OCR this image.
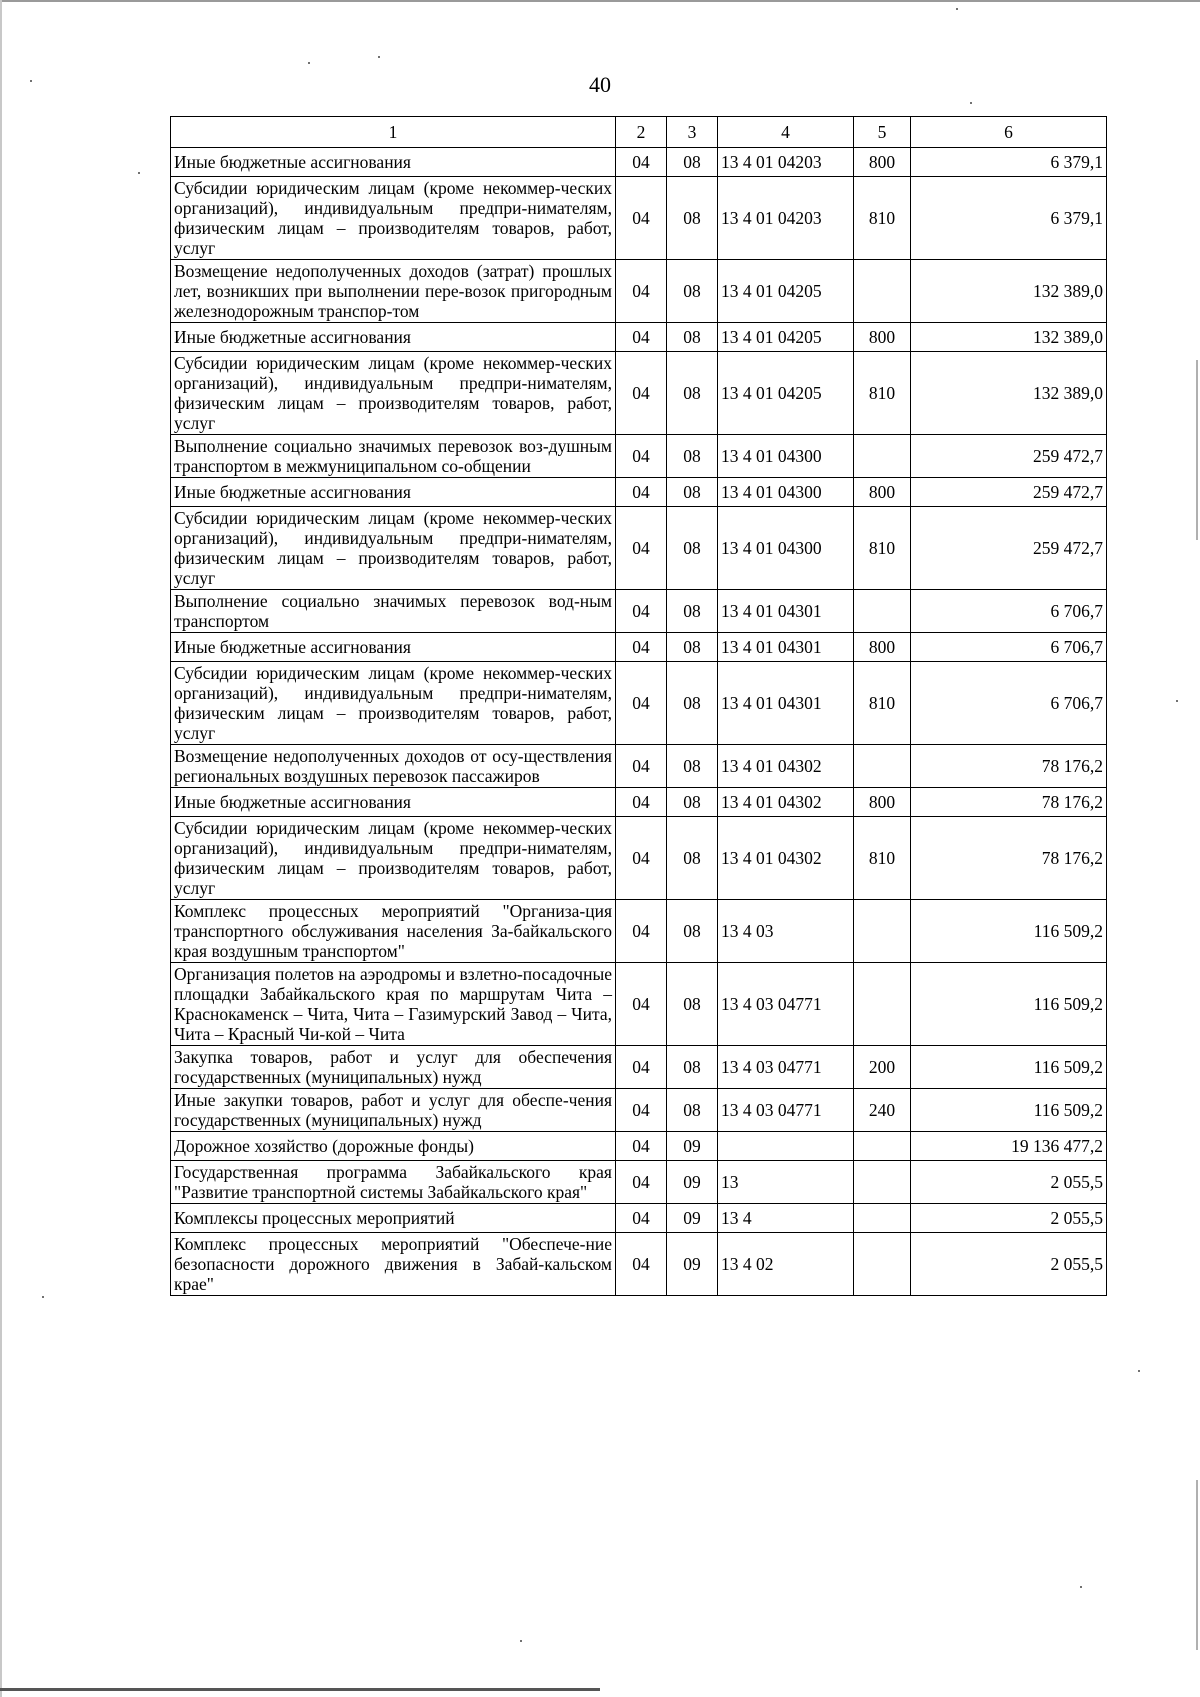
40
1	2	3	4	5	6
Иные бюджетные ассигнования	04	08	13 4 01 04203	800	6 379,1
Субсидии юридическим лицам (кроме некоммер-ческих организаций), индивидуальным предпри-нимателям, физическим лицам – производителям товаров, работ, услуг	04	08	13 4 01 04203	810	6 379,1
Возмещение недополученных доходов (затрат) прошлых лет, возникших при выполнении пере-возок пригородным железнодорожным транспор-том	04	08	13 4 01 04205		132 389,0
Иные бюджетные ассигнования	04	08	13 4 01 04205	800	132 389,0
Субсидии юридическим лицам (кроме некоммер-ческих организаций), индивидуальным предпри-нимателям, физическим лицам – производителям товаров, работ, услуг	04	08	13 4 01 04205	810	132 389,0
Выполнение социально значимых перевозок воз-душным транспортом в межмуниципальном со-общении	04	08	13 4 01 04300		259 472,7
Иные бюджетные ассигнования	04	08	13 4 01 04300	800	259 472,7
Субсидии юридическим лицам (кроме некоммер-ческих организаций), индивидуальным предпри-нимателям, физическим лицам – производителям товаров, работ, услуг	04	08	13 4 01 04300	810	259 472,7
Выполнение социально значимых перевозок вод-ным транспортом	04	08	13 4 01 04301		6 706,7
Иные бюджетные ассигнования	04	08	13 4 01 04301	800	6 706,7
Субсидии юридическим лицам (кроме некоммер-ческих организаций), индивидуальным предпри-нимателям, физическим лицам – производителям товаров, работ, услуг	04	08	13 4 01 04301	810	6 706,7
Возмещение недополученных доходов от осу-ществления региональных воздушных перевозок пассажиров	04	08	13 4 01 04302		78 176,2
Иные бюджетные ассигнования	04	08	13 4 01 04302	800	78 176,2
Субсидии юридическим лицам (кроме некоммер-ческих организаций), индивидуальным предпри-нимателям, физическим лицам – производителям товаров, работ, услуг	04	08	13 4 01 04302	810	78 176,2
Комплекс процессных мероприятий "Организа-ция транспортного обслуживания населения За-байкальского края воздушным транспортом"	04	08	13 4 03		116 509,2
Организация полетов на аэродромы и взлетно-посадочные площадки Забайкальского края по маршрутам Чита – Краснокаменск – Чита, Чита – Газимурский Завод – Чита, Чита – Красный Чи-кой – Чита	04	08	13 4 03 04771		116 509,2
Закупка товаров, работ и услуг для обеспечения государственных (муниципальных) нужд	04	08	13 4 03 04771	200	116 509,2
Иные закупки товаров, работ и услуг для обеспе-чения государственных (муниципальных) нужд	04	08	13 4 03 04771	240	116 509,2
Дорожное хозяйство (дорожные фонды)	04	09			19 136 477,2
Государственная программа Забайкальского края "Развитие транспортной системы Забайкальского края"	04	09	13		2 055,5
Комплексы процессных мероприятий	04	09	13 4		2 055,5
Комплекс процессных мероприятий "Обеспече-ние безопасности дорожного движения в Забай-кальском крае"	04	09	13 4 02		2 055,5
